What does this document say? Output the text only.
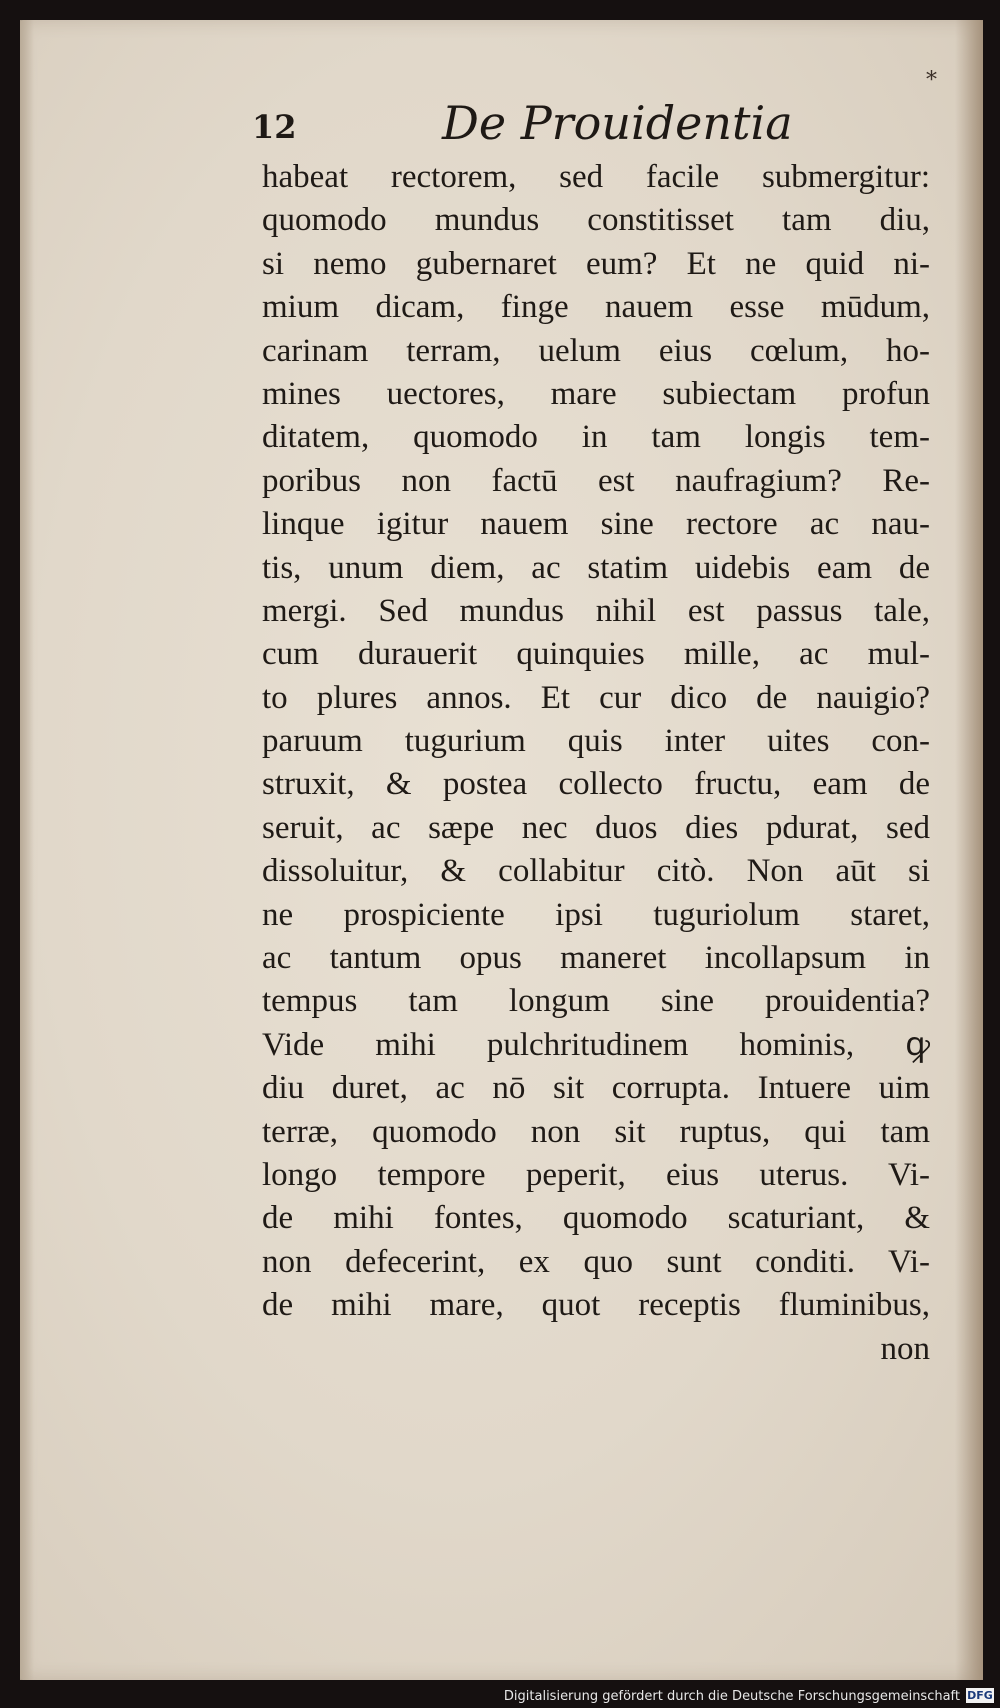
*
12	De Prouidentia
habeat rectorem, sed facile submergitur:
quomodo mundus constitisset tam diu,
si nemo gubernaret eum? Et ne quid ni-
mium dicam, finge nauem esse mūdum,
carinam terram, uelum eius cœlum, ho-
mines uectores, mare subiectam profun
ditatem, quomodo in tam longis tem-
poribus non factū est naufragium? Re-
linque igitur nauem sine rectore ac nau-
tis, unum diem, ac statim uidebis eam de
mergi. Sed mundus nihil est passus tale,
cum durauerit quinquies mille, ac mul-
to plures annos. Et cur dico de nauigio?
paruum tugurium quis inter uites con-
struxit, & postea collecto fructu, eam de
seruit, ac sæpe nec duos dies pdurat, sed
dissoluitur, & collabitur citò. Non aūt si
ne prospiciente ipsi tuguriolum staret,
ac tantum opus maneret incollapsum in
tempus tam longum sine prouidentia?
Vide mihi pulchritudinem hominis, ꝙ
diu duret, ac nō sit corrupta. Intuere uim
terræ, quomodo non sit ruptus, qui tam
longo tempore peperit, eius uterus. Vi-
de mihi fontes, quomodo scaturiant, &
non defecerint, ex quo sunt conditi. Vi-
de mihi mare, quot receptis fluminibus,
non
Digitalisierung gefördert durch die Deutsche Forschungsgemeinschaft DFG
